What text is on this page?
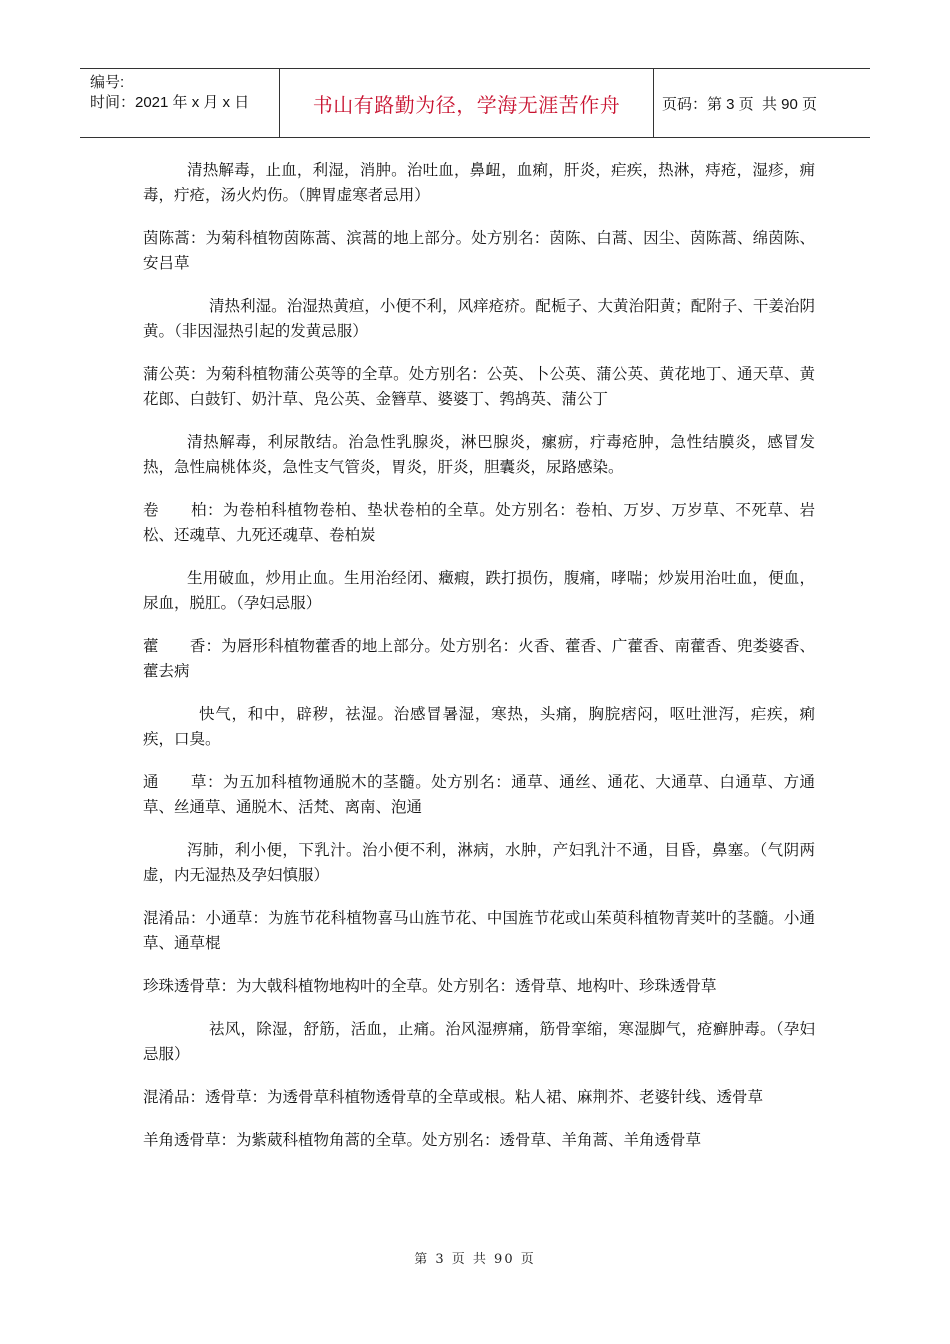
编号:
时间：2021 年 x 月 x 日	书山有路勤为径，学海无涯苦作舟	页码：第 3 页  共 90 页

清热解毒，止血，利湿，消肿。治吐血，鼻衄，血痢，肝炎，疟疾，热淋，痔疮，湿疹，痈毒，疔疮，汤火灼伤。（脾胃虚寒者忌用）

茵陈蒿：为菊科植物茵陈蒿、滨蒿的地上部分。处方别名：茵陈、白蒿、因尘、茵陈蒿、绵茵陈、安吕草

清热利湿。治湿热黄疸，小便不利，风痒疮疥。配栀子、大黄治阳黄；配附子、干姜治阴黄。（非因湿热引起的发黄忌服）

蒲公英：为菊科植物蒲公英等的全草。处方别名：公英、卜公英、蒲公英、黄花地丁、通天草、黄花郎、白鼓钉、奶汁草、凫公英、金簪草、婆婆丁、鹁鸪英、蒲公丁

清热解毒，利尿散结。治急性乳腺炎，淋巴腺炎，瘰疬，疔毒疮肿，急性结膜炎，感冒发热，急性扁桃体炎，急性支气管炎，胃炎，肝炎，胆囊炎，尿路感染。

卷　　柏：为卷柏科植物卷柏、垫状卷柏的全草。处方别名：卷柏、万岁、万岁草、不死草、岩松、还魂草、九死还魂草、卷柏炭

生用破血，炒用止血。生用治经闭、癥瘕，跌打损伤，腹痛，哮喘；炒炭用治吐血，便血，尿血，脱肛。（孕妇忌服）

藿　　香：为唇形科植物藿香的地上部分。处方别名：火香、藿香、广藿香、南藿香、兜娄婆香、藿去病

快气，和中，辟秽，祛湿。治感冒暑湿，寒热，头痛，胸脘痞闷，呕吐泄泻，疟疾，痢疾，口臭。

通　　草：为五加科植物通脱木的茎髓。处方别名：通草、通丝、通花、大通草、白通草、方通草、丝通草、通脱木、活梵、离南、泡通

泻肺，利小便，下乳汁。治小便不利，淋病，水肿，产妇乳汁不通，目昏，鼻塞。（气阴两虚，内无湿热及孕妇慎服）

混淆品：小通草：为旌节花科植物喜马山旌节花、中国旌节花或山茱萸科植物青荚叶的茎髓。小通草、通草棍

珍珠透骨草：为大戟科植物地构叶的全草。处方别名：透骨草、地构叶、珍珠透骨草

祛风，除湿，舒筋，活血，止痛。治风湿痹痛，筋骨挛缩，寒湿脚气，疮癣肿毒。（孕妇忌服）

混淆品：透骨草：为透骨草科植物透骨草的全草或根。粘人裙、麻荆芥、老婆针线、透骨草

羊角透骨草：为紫葳科植物角蒿的全草。处方别名：透骨草、羊角蒿、羊角透骨草

第 3 页 共 90 页
